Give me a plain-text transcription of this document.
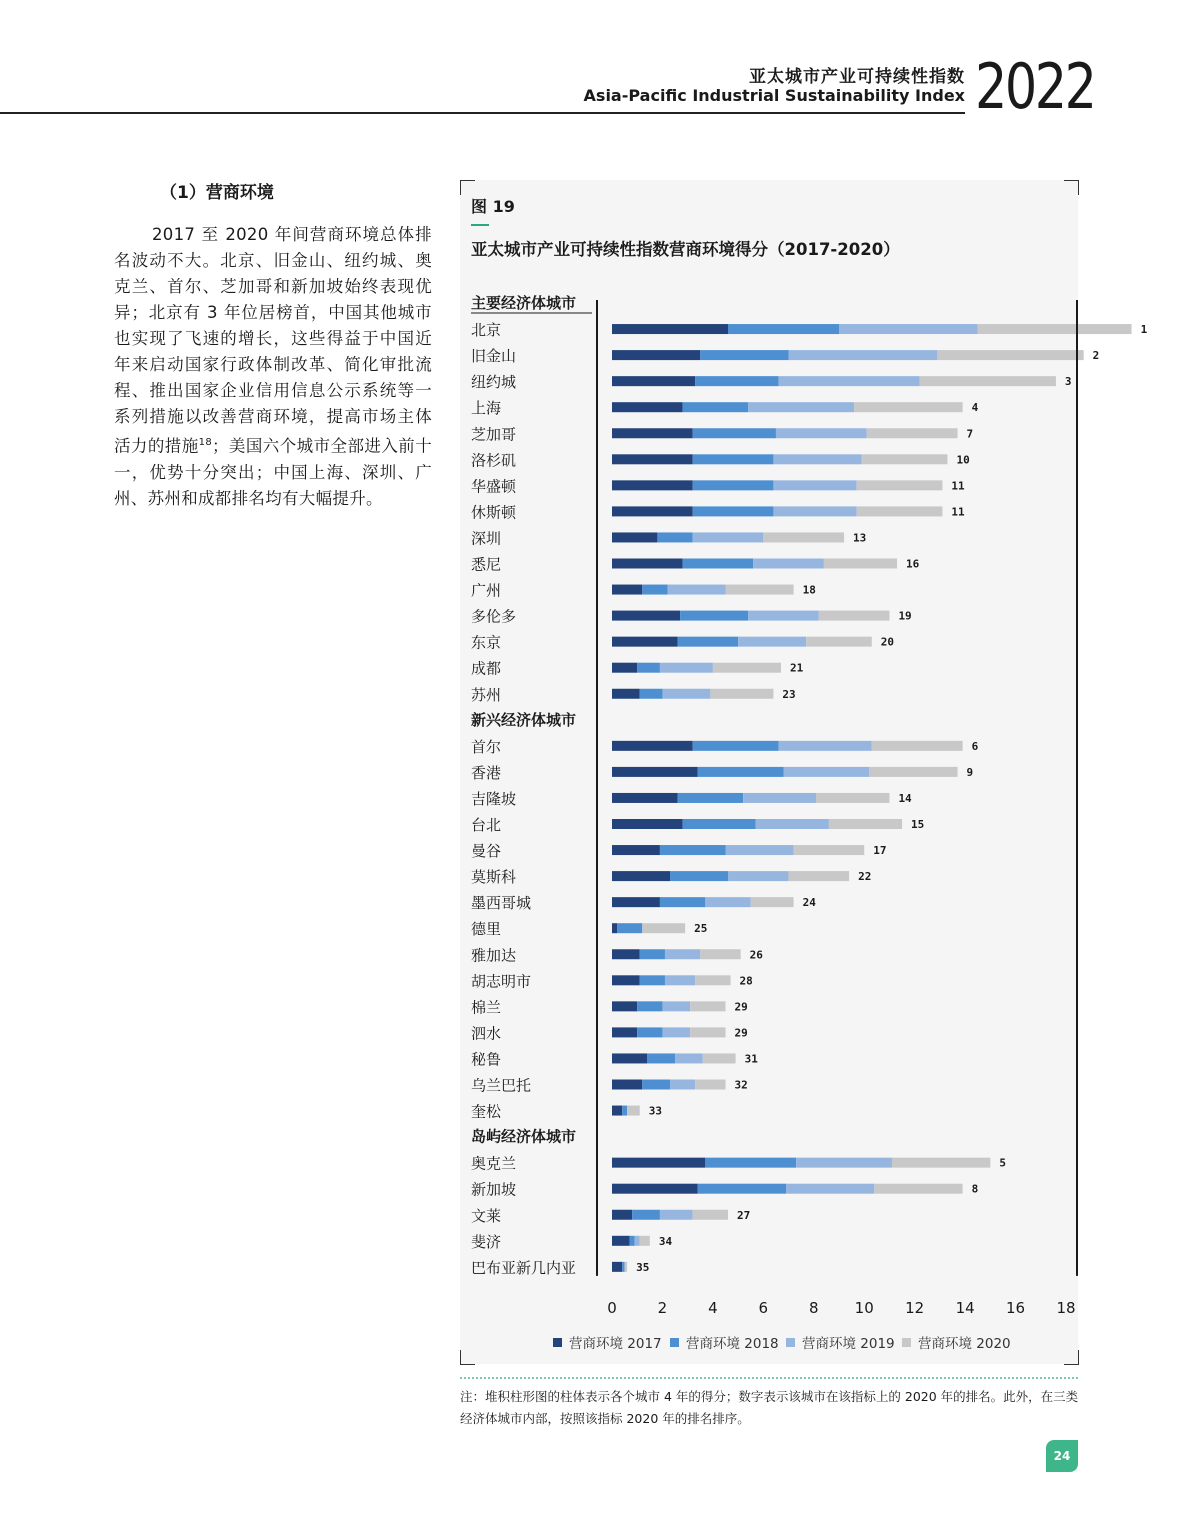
亚太城市产业可持续性指数
Asia-Pacific Industrial Sustainability Index 2022
（1）营商环境
2017 至 2020 年间营商环境总体排名波动不大。北京、旧金山、纽约城、奥克兰、首尔、芝加哥和新加坡始终表现优异；北京有 3 年位居榜首，中国其他城市也实现了飞速的增长，这些得益于中国近年来启动国家行政体制改革、简化审批流程、推出国家企业信用信息公示系统等一系列措施以改善营商环境，提高市场主体活力的措施$^{18}$；美国六个城市全部进入前十一，优势十分突出；中国上海、深圳、广州、苏州和成都排名均有大幅提升。
图 19
亚太城市产业可持续性指数营商环境得分（2017-2020）
主要经济体城市
北京	1
旧金山	2
纽约城	3
上海	4
芝加哥	7
洛杉矶	10
华盛顿	11
休斯顿	11
深圳	13
悉尼	16
广州	18
多伦多	19
东京	20
成都	21
苏州	23
新兴经济体城市
首尔	6
香港	9
吉隆坡	14
台北	15
曼谷	17
莫斯科	22
墨西哥城	24
德里	25
雅加达	26
胡志明市	28
棉兰	29
泗水	29
秘鲁	31
乌兰巴托	32
奎松	33
岛屿经济体城市
奥克兰	5
新加坡	8
文莱	27
斐济	34
巴布亚新几内亚	35
0	2	4	6	8 10 12 14 16 18
营商环境 2017 营商环境 2018 营商环境 2019 营商环境 2020
注：堆积柱形图的柱体表示各个城市 4 年的得分；数字表示该城市在该指标上的 2020 年的排名。此外，在三类经济体城市内部，按照该指标 2020 年的排名排序。
24
